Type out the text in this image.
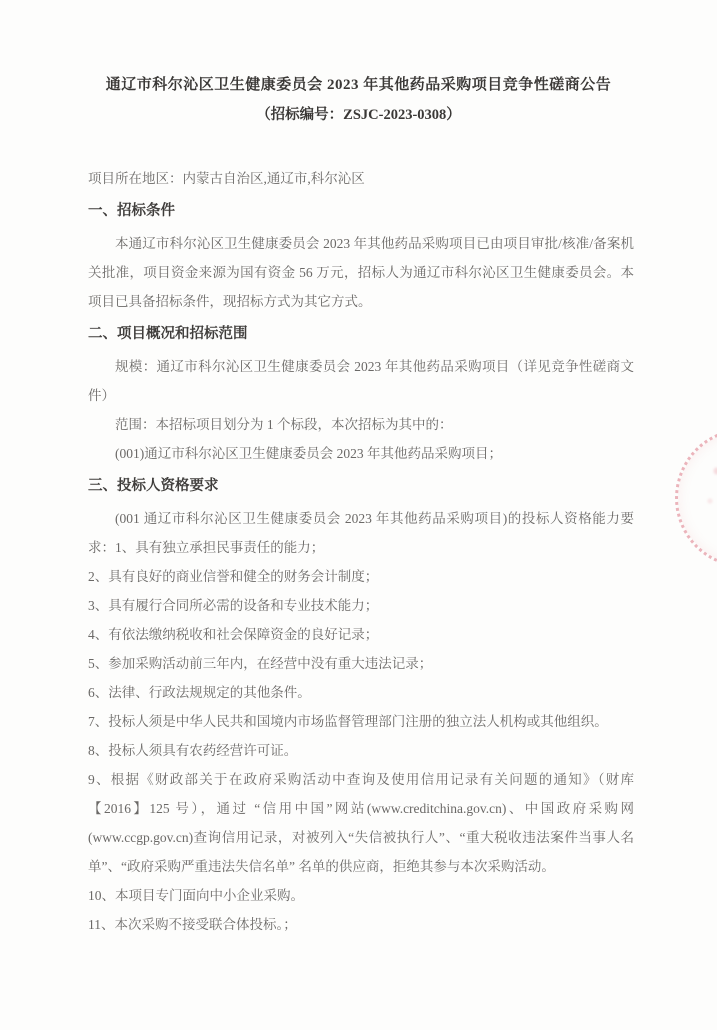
通辽市科尔沁区卫生健康委员会 2023 年其他药品采购项目竞争性磋商公告
（招标编号：ZSJC-2023-0308）

项目所在地区：内蒙古自治区,通辽市,科尔沁区

一、招标条件

本通辽市科尔沁区卫生健康委员会 2023 年其他药品采购项目已由项目审批/核准/备案机关批准，项目资金来源为国有资金 56 万元，招标人为通辽市科尔沁区卫生健康委员会。本项目已具备招标条件，现招标方式为其它方式。

二、项目概况和招标范围

规模：通辽市科尔沁区卫生健康委员会 2023 年其他药品采购项目（详见竞争性磋商文件）

范围：本招标项目划分为 1 个标段，本次招标为其中的：

(001)通辽市科尔沁区卫生健康委员会 2023 年其他药品采购项目；

三、投标人资格要求

(001 通辽市科尔沁区卫生健康委员会 2023 年其他药品采购项目)的投标人资格能力要求：1、具有独立承担民事责任的能力；

2、具有良好的商业信誉和健全的财务会计制度；

3、具有履行合同所必需的设备和专业技术能力；

4、有依法缴纳税收和社会保障资金的良好记录；

5、参加采购活动前三年内，在经营中没有重大违法记录；

6、法律、行政法规规定的其他条件。

7、投标人须是中华人民共和国境内市场监督管理部门注册的独立法人机构或其他组织。

8、投标人须具有农药经营许可证。

9、根据《财政部关于在政府采购活动中查询及使用信用记录有关问题的通知》（财库【2016】125 号），通过 “信用中国”网站(www.creditchina.gov.cn)、中国政府采购网(www.ccgp.gov.cn)查询信用记录，对被列入“失信被执行人”、“重大税收违法案件当事人名单”、“政府采购严重违法失信名单” 名单的供应商，拒绝其参与本次采购活动。

10、本项目专门面向中小企业采购。

11、本次采购不接受联合体投标。；
